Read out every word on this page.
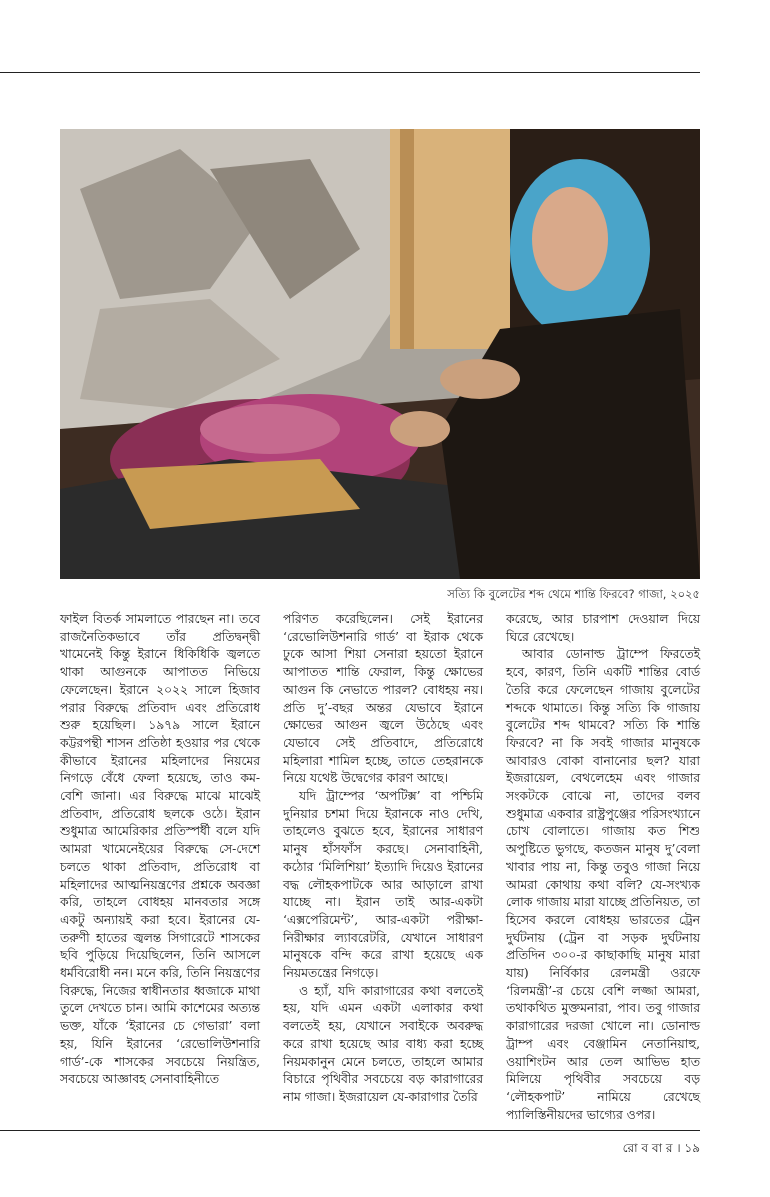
সত্যি কি বুলেটের শব্দ থেমে শান্তি ফিরবে? গাজা, ২০২৫

ফাইল বিতর্ক সামলাতে পারছেন না। তবে রাজনৈতিকভাবে তাঁর প্রতিদ্বন্দ্বী খামেনেই কিন্তু ইরানে ধিকিধিকি জ্বলতে থাকা আগুনকে আপাতত নিভিয়ে ফেলেছেন। ইরানে ২০২২ সালে হিজাব পরার বিরুদ্ধে প্রতিবাদ এবং প্রতিরোধ শুরু হয়েছিল। ১৯৭৯ সালে ইরানে কট্টরপন্থী শাসন প্রতিষ্ঠা হওয়ার পর থেকে কীভাবে ইরানের মহিলাদের নিয়মের নিগড়ে বেঁধে ফেলা হয়েছে, তাও কম-বেশি জানা। এর বিরুদ্ধে মাঝে মাঝেই প্রতিবাদ, প্রতিরোধ ছলকে ওঠে। ইরান শুধুমাত্র আমেরিকার প্রতিস্পর্ধী বলে যদি আমরা খামেনেইয়ের বিরুদ্ধে সে-দেশে চলতে থাকা প্রতিবাদ, প্রতিরোধ বা মহিলাদের আত্মনিয়ন্ত্রণের প্রশ্নকে অবজ্ঞা করি, তাহলে বোধহয় মানবতার সঙ্গে একটু অন্যায়ই করা হবে। ইরানের যে-তরুণী হাতের জ্বলন্ত সিগারেটে শাসকের ছবি পুড়িয়ে দিয়েছিলেন, তিনি আসলে ধর্মবিরোধী নন। মনে করি, তিনি নিয়ন্ত্রণের বিরুদ্ধে, নিজের স্বাধীনতার ধ্বজাকে মাথা তুলে দেখতে চান। আমি কাশেমের অত্যন্ত ভক্ত, যাঁকে ‘ইরানের চে গেভারা’ বলা হয়, যিনি ইরানের ‘রেভোলিউশনারি গার্ড’-কে শাসকের সবচেয়ে নিয়ন্ত্রিত, সবচেয়ে আজ্ঞাবহ সেনাবাহিনীতে

পরিণত করেছিলেন। সেই ইরানের ‘রেভোলিউশনারি গার্ড’ বা ইরাক থেকে ঢুকে আসা শিয়া সেনারা হয়তো ইরানে আপাতত শান্তি ফেরাল, কিন্তু ক্ষোভের আগুন কি নেভাতে পারল? বোধহয় নয়। প্রতি দু’-বছর অন্তর যেভাবে ইরানে ক্ষোভের আগুন জ্বলে উঠেছে এবং যেভাবে সেই প্রতিবাদে, প্রতিরোধে মহিলারা শামিল হচ্ছে, তাতে তেহরানকে নিয়ে যথেষ্ট উদ্বেগের কারণ আছে।

যদি ট্রাম্পের ‘অপটিক্স’ বা পশ্চিমি দুনিয়ার চশমা দিয়ে ইরানকে নাও দেখি, তাহলেও বুঝতে হবে, ইরানের সাধারণ মানুষ হাঁসফাঁস করছে। সেনাবাহিনী, কঠোর ‘মিলিশিয়া’ ইত্যাদি দিয়েও ইরানের বদ্ধ লৌহকপাটকে আর আড়ালে রাখা যাচ্ছে না। ইরান তাই আর-একটা ‘এক্সপেরিমেন্ট’, আর-একটা পরীক্ষা-নিরীক্ষার ল্যাবরেটরি, যেখানে সাধারণ মানুষকে বন্দি করে রাখা হয়েছে এক নিয়মতন্ত্রের নিগড়ে।

ও হ্যাঁ, যদি কারাগারের কথা বলতেই হয়, যদি এমন একটা এলাকার কথা বলতেই হয়, যেখানে সবাইকে অবরুদ্ধ করে রাখা হয়েছে আর বাধ্য করা হচ্ছে নিয়মকানুন মেনে চলতে, তাহলে আমার বিচারে পৃথিবীর সবচেয়ে বড় কারাগারের নাম গাজা। ইজরায়েল যে-কারাগার তৈরি

করেছে, আর চারপাশ দেওয়াল দিয়ে ঘিরে রেখেছে।

আবার ডোনাল্ড ট্রাম্পে ফিরতেই হবে, কারণ, তিনি একটি শান্তির বোর্ড তৈরি করে ফেলেছেন গাজায় বুলেটের শব্দকে থামাতে। কিন্তু সত্যি কি গাজায় বুলেটের শব্দ থামবে? সত্যি কি শান্তি ফিরবে? না কি সবই গাজার মানুষকে আবারও বোকা বানানোর ছল? যারা ইজরায়েল, বেথলেহেম এবং গাজার সংকটকে বোঝে না, তাদের বলব শুধুমাত্র একবার রাষ্ট্রপুঞ্জের পরিসংখ্যানে চোখ বোলাতে। গাজায় কত শিশু অপুষ্টিতে ভুগছে, কতজন মানুষ দু’বেলা খাবার পায় না, কিন্তু তবুও গাজা নিয়ে আমরা কোথায় কথা বলি? যে-সংখ্যক লোক গাজায় মারা যাচ্ছে প্রতিনিয়ত, তা হিসেব করলে বোধহয় ভারতের ট্রেন দুর্ঘটনায় (ট্রেন বা সড়ক দুর্ঘটনায় প্রতিদিন ৩০০-র কাছাকাছি মানুষ মারা যায়) নির্বিকার রেলমন্ত্রী ওরফে ‘রিলমন্ত্রী’-র চেয়ে বেশি লজ্জা আমরা, তথাকথিত মুক্তমনারা, পাব। তবু গাজার কারাগারের দরজা খোলে না। ডোনাল্ড ট্রাম্প এবং বেঞ্জামিন নেতানিয়াহু, ওয়াশিংটন আর তেল আভিভ হাত মিলিয়ে পৃথিবীর সবচেয়ে বড় ‘লৌহকপাট’ নামিয়ে রেখেছে প্যালিস্তিনীয়দের ভাগ্যের ওপর।

রো ব বা র । ১৯
